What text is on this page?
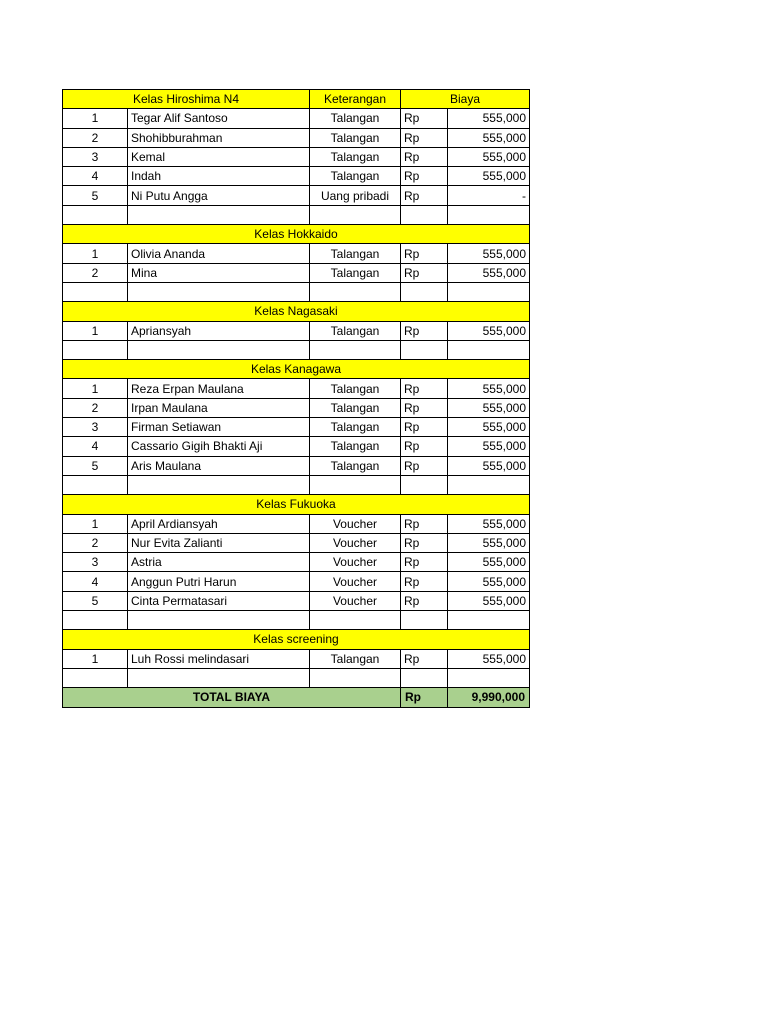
Kelas Hiroshima N4		Keterangan	Biaya	
1	Tegar Alif Santoso	Talangan	Rp	555,000
2	Shohibburahman	Talangan	Rp	555,000
3	Kemal	Talangan	Rp	555,000
4	Indah	Talangan	Rp	555,000
5	Ni Putu Angga	Uang pribadi	Rp	-

Kelas Hokkaido				
1	Olivia Ananda	Talangan	Rp	555,000
2	Mina	Talangan	Rp	555,000

Kelas Nagasaki				
1	Apriansyah	Talangan	Rp	555,000

Kelas Kanagawa				
1	Reza Erpan Maulana	Talangan	Rp	555,000
2	Irpan Maulana	Talangan	Rp	555,000
3	Firman Setiawan	Talangan	Rp	555,000
4	Cassario Gigih Bhakti Aji	Talangan	Rp	555,000
5	Aris Maulana	Talangan	Rp	555,000

Kelas Fukuoka				
1	April Ardiansyah	Voucher	Rp	555,000
2	Nur Evita Zalianti	Voucher	Rp	555,000
3	Astria	Voucher	Rp	555,000
4	Anggun Putri Harun	Voucher	Rp	555,000
5	Cinta Permatasari	Voucher	Rp	555,000

Kelas screening				
1	Luh Rossi melindasari	Talangan	Rp	555,000

TOTAL BIAYA			Rp	9,990,000
